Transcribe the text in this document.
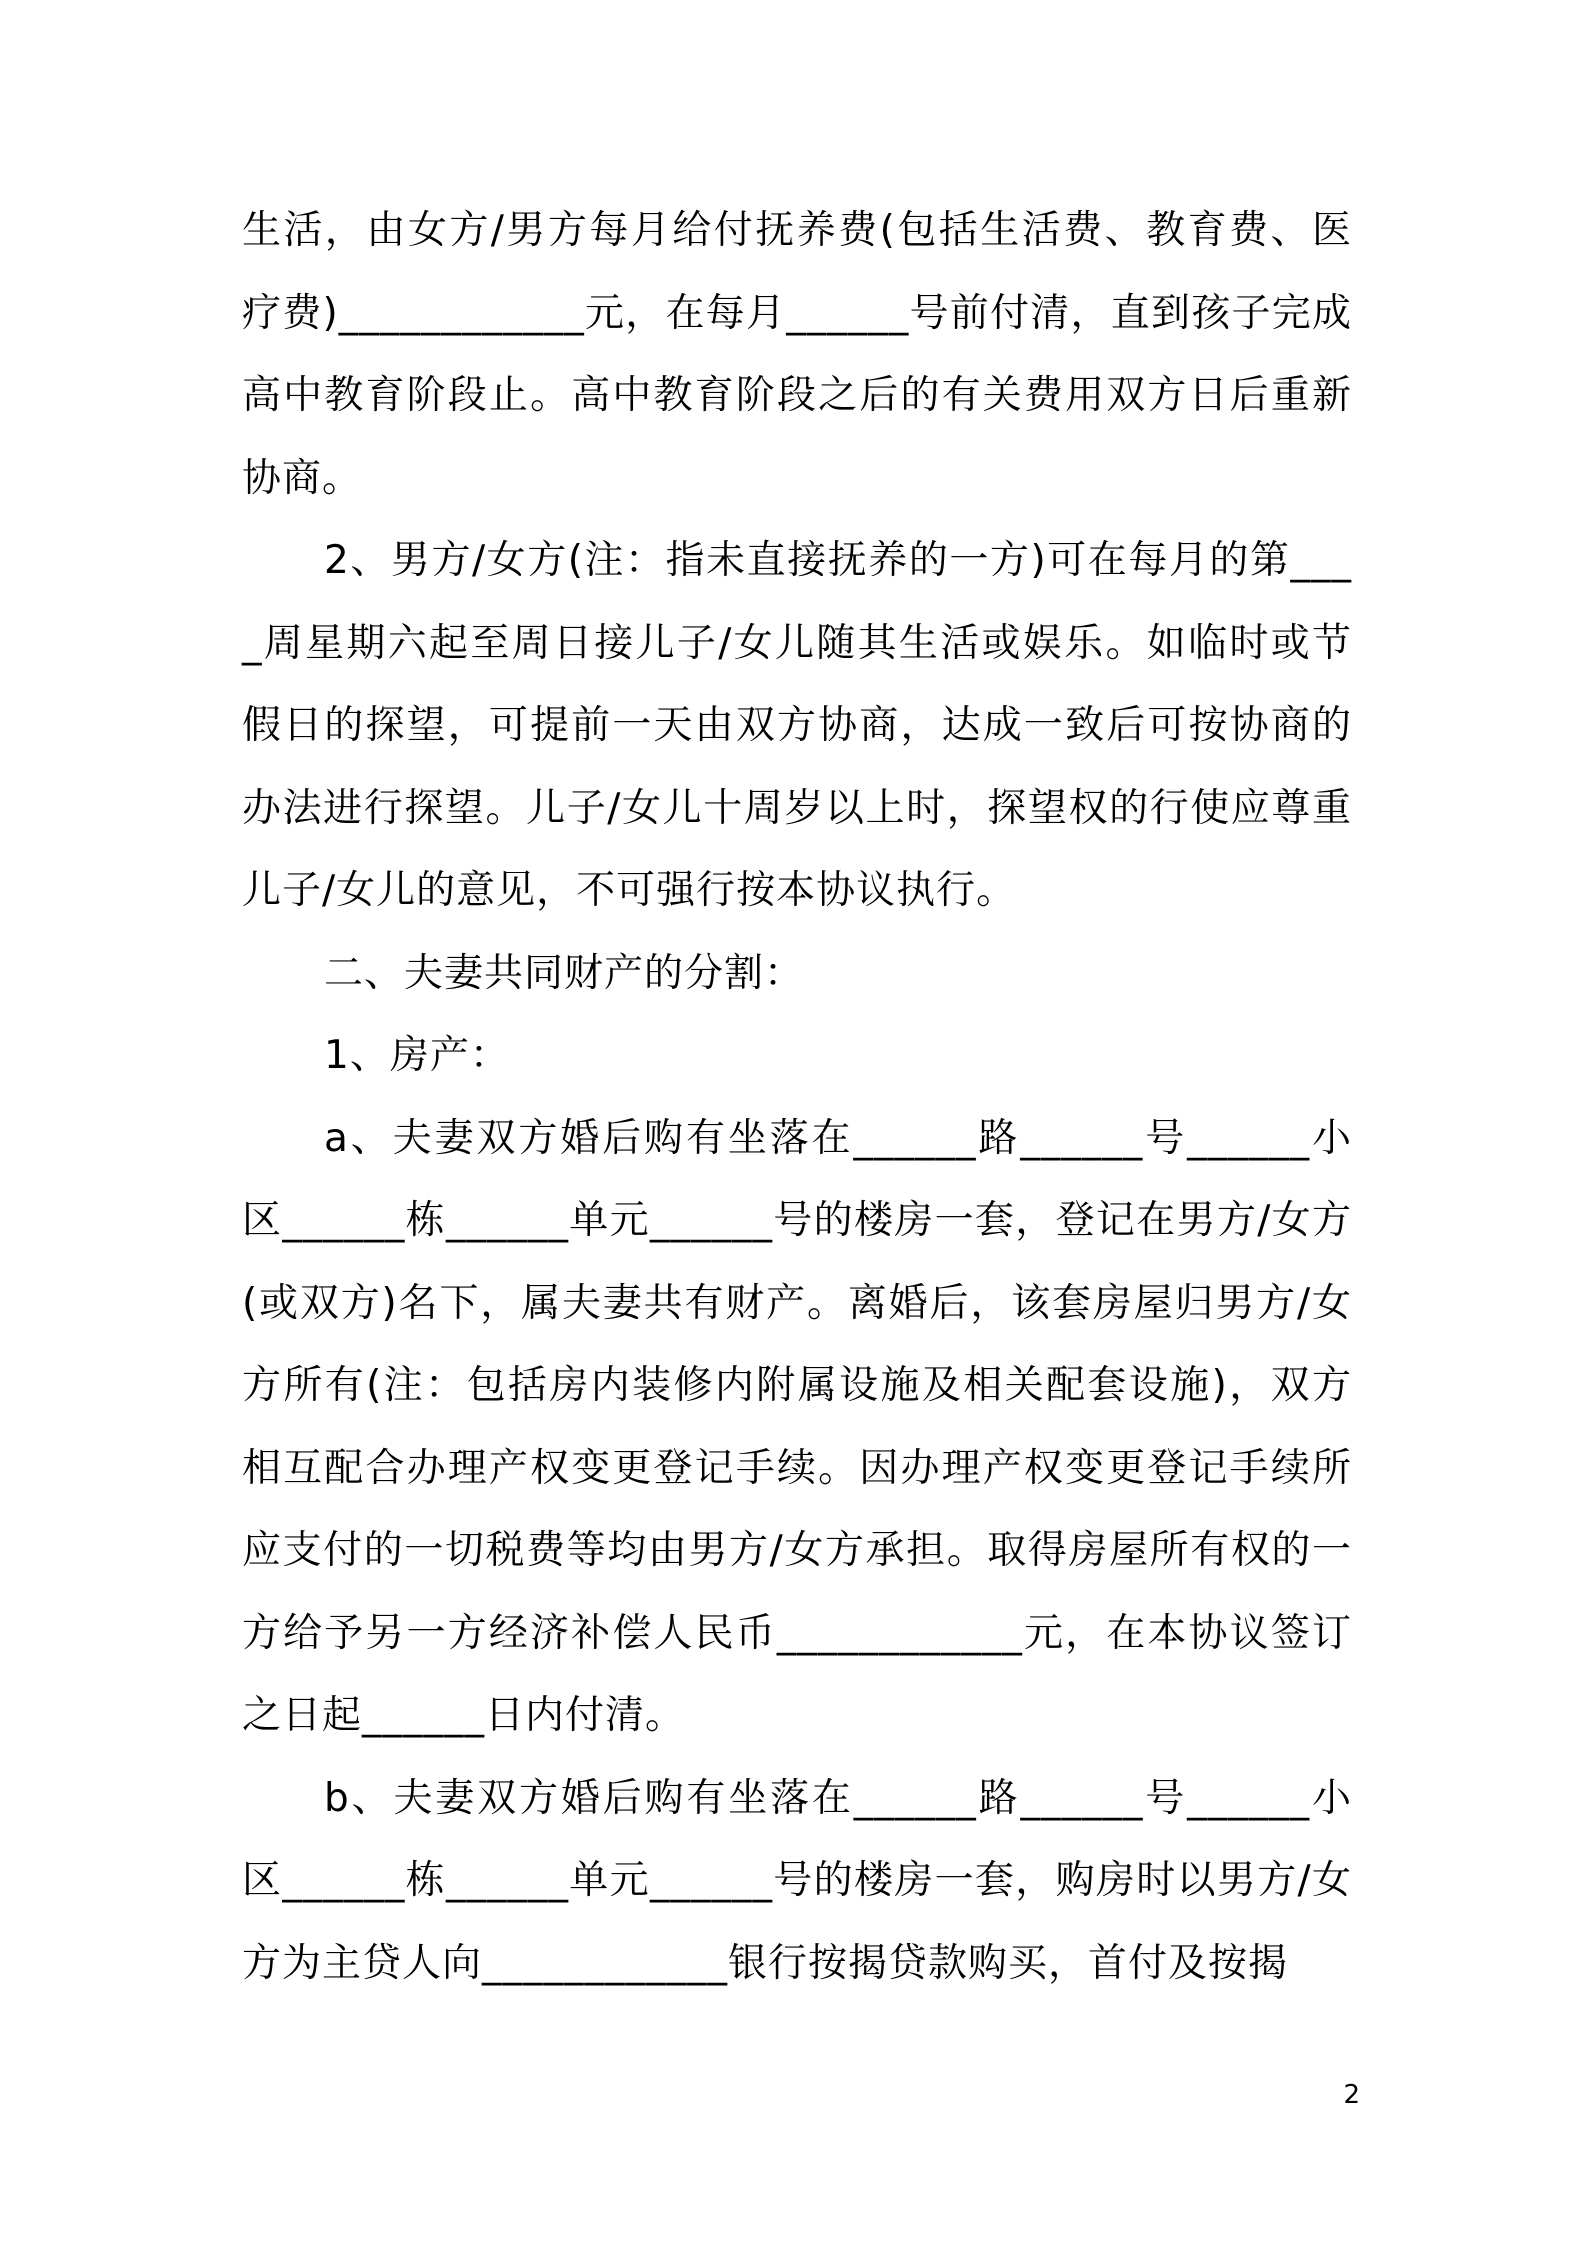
生活，由女方/男方每月给付抚养费(包括生活费、教育费、医疗费)____________元，在每月______号前付清，直到孩子完成高中教育阶段止。高中教育阶段之后的有关费用双方日后重新协商。

2、男方/女方(注：指未直接抚养的一方)可在每月的第____周星期六起至周日接儿子/女儿随其生活或娱乐。如临时或节假日的探望，可提前一天由双方协商，达成一致后可按协商的办法进行探望。儿子/女儿十周岁以上时，探望权的行使应尊重儿子/女儿的意见，不可强行按本协议执行。

二、夫妻共同财产的分割：

1、房产：

a、夫妻双方婚后购有坐落在______路______号______小区______栋______单元______号的楼房一套，登记在男方/女方(或双方)名下，属夫妻共有财产。离婚后，该套房屋归男方/女方所有(注：包括房内装修内附属设施及相关配套设施)，双方相互配合办理产权变更登记手续。因办理产权变更登记手续所应支付的一切税费等均由男方/女方承担。取得房屋所有权的一方给予另一方经济补偿人民币____________元，在本协议签订之日起______日内付清。

b、夫妻双方婚后购有坐落在______路______号______小区______栋______单元______号的楼房一套，购房时以男方/女方为主贷人向____________银行按揭贷款购买，首付及按揭

2
